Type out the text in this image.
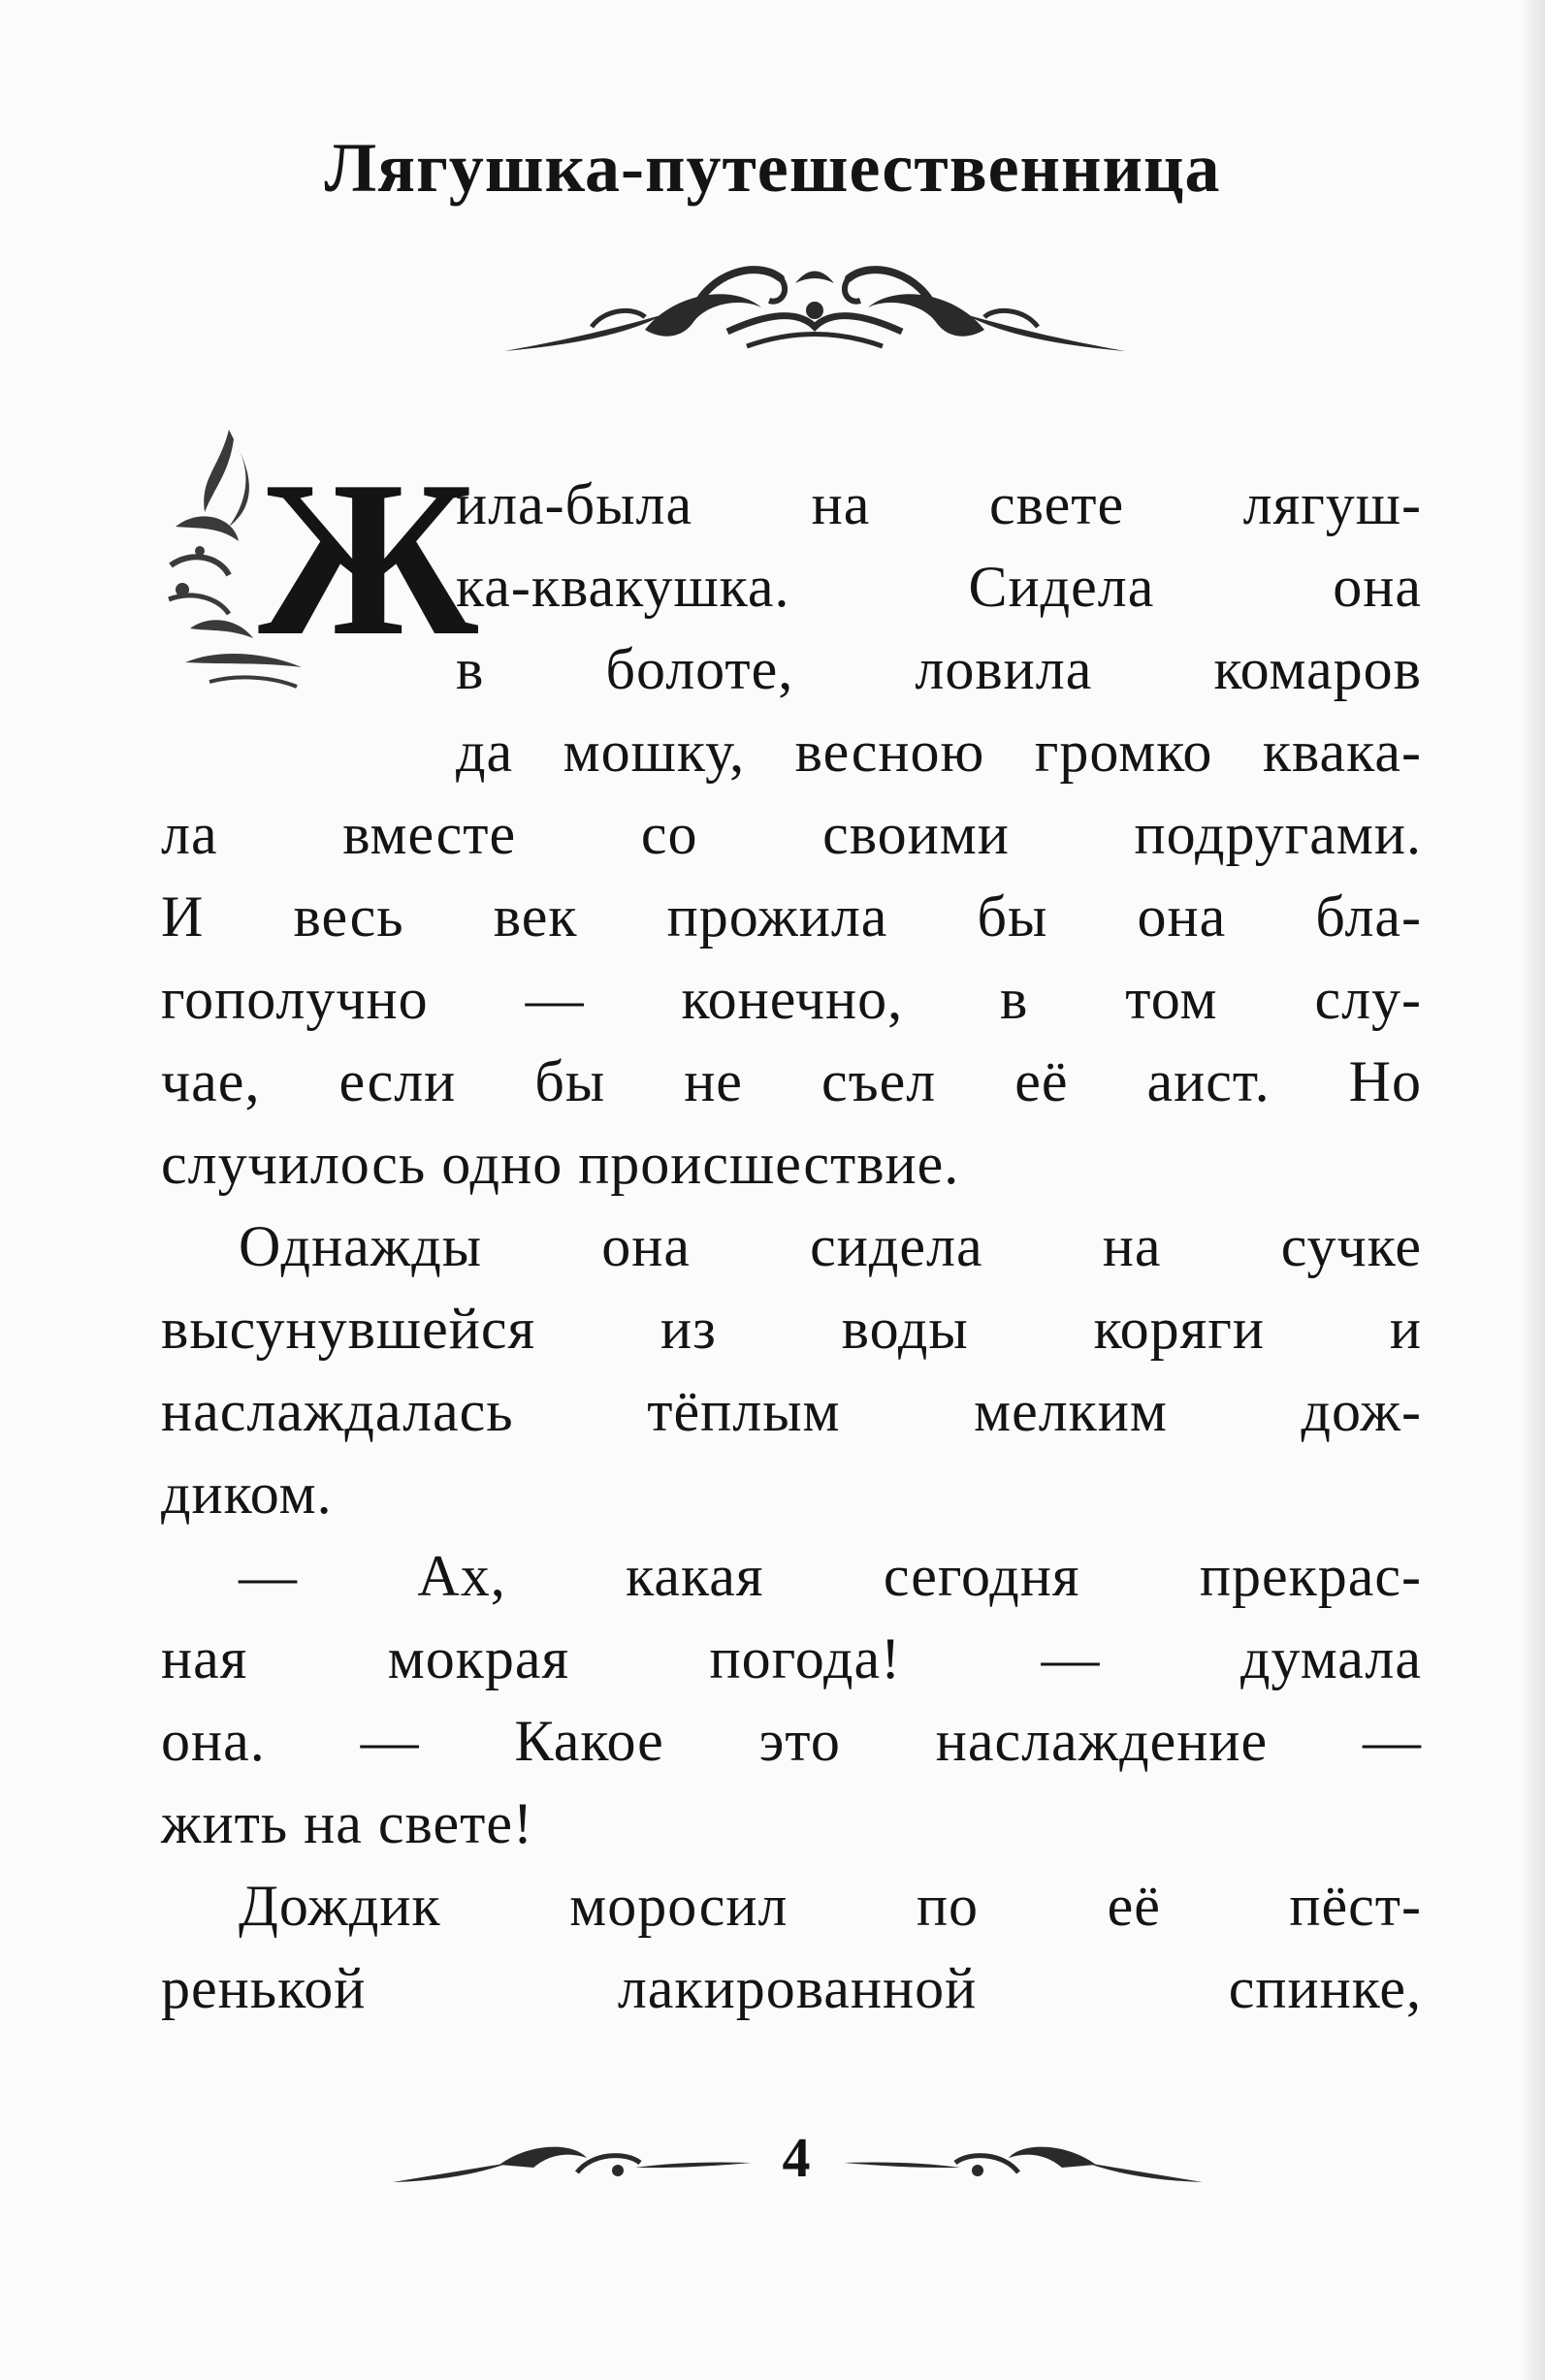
Лягушка-путешественница
Ж
ила-была на свете лягуш-
ка-квакушка. Сидела она
в болоте, ловила комаров
да мошку, весною громко квака-
ла вместе со своими подругами.
И весь век прожила бы она бла-
гополучно — конечно, в том слу-
чае, если бы не съел её аист. Но
случилось одно происшествие.
Однажды она сидела на сучке
высунувшейся из воды коряги и
наслаждалась тёплым мелким дож-
диком.
— Ах, какая сегодня прекрас-
ная мокрая погода! — думала
она. — Какое это наслаждение —
жить на свете!
Дождик моросил по её пёст-
ренькой лакированной спинке,
4
